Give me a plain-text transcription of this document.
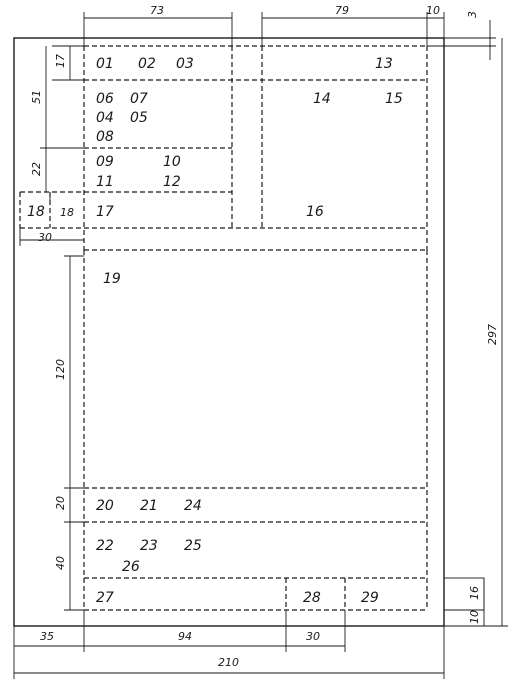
01 02 03	13
06 07	14	15
04 05
08
09	10
11	12
18	17	16
19
20 21 24
22 23 25
26
27	28	29
73	79	10 3
17
51
22
18
30
120
20
40
297
16
10
35	94	30
210
